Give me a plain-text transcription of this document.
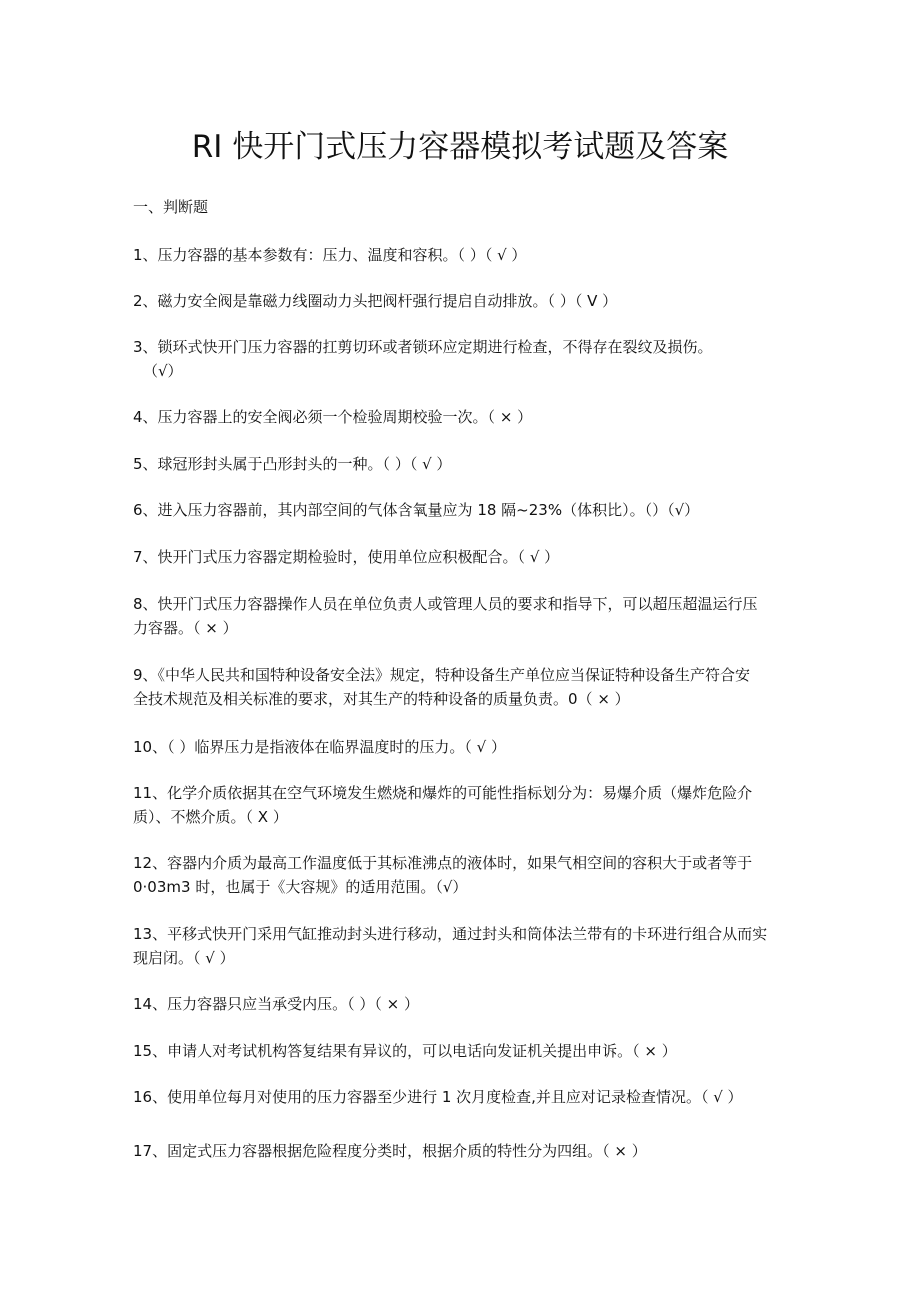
RI 快开门式压力容器模拟考试题及答案

一、判断题

1、压力容器的基本参数有：压力、温度和容积。（ ）（ √ ）
2、磁力安全阀是靠磁力线圈动力头把阀杆强行提启自动排放。（ ）（ V ）
3、锁环式快开门压力容器的扛剪切环或者锁环应定期进行检查，不得存在裂纹及损伤。
（√）
4、压力容器上的安全阀必须一个检验周期校验一次。（ × ）
5、球冠形封头属于凸形封头的一种。（ ）（ √ ）
6、进入压力容器前，其内部空间的气体含氧量应为 18 隔~23%（体积比）。（）（√）
7、快开门式压力容器定期检验时，使用单位应积极配合。（ √ ）
8、快开门式压力容器操作人员在单位负责人或管理人员的要求和指导下，可以超压超温运行压
力容器。（ × ）
9、《中华人民共和国特种设备安全法》规定，特种设备生产单位应当保证特种设备生产符合安
全技术规范及相关标准的要求，对其生产的特种设备的质量负责。0（ × ）
10、（ ）临界压力是指液体在临界温度时的压力。（ √ ）
11、化学介质依据其在空气环境发生燃烧和爆炸的可能性指标划分为：易爆介质（爆炸危险介
质）、不燃介质。（ X ）
12、容器内介质为最高工作温度低于其标准沸点的液体时，如果气相空间的容积大于或者等于
0·03m3 时，也属于《大容规》的适用范围。（√）
13、平移式快开门采用气缸推动封头进行移动，通过封头和筒体法兰带有的卡环进行组合从而实
现启闭。（ √ ）
14、压力容器只应当承受内压。（ ）（ × ）
15、申请人对考试机构答复结果有异议的，可以电话向发证机关提出申诉。（ × ）
16、使用单位每月对使用的压力容器至少进行 1 次月度检查,并且应对记录检查情况。（ √ ）
17、固定式压力容器根据危险程度分类时，根据介质的特性分为四组。（ × ）
